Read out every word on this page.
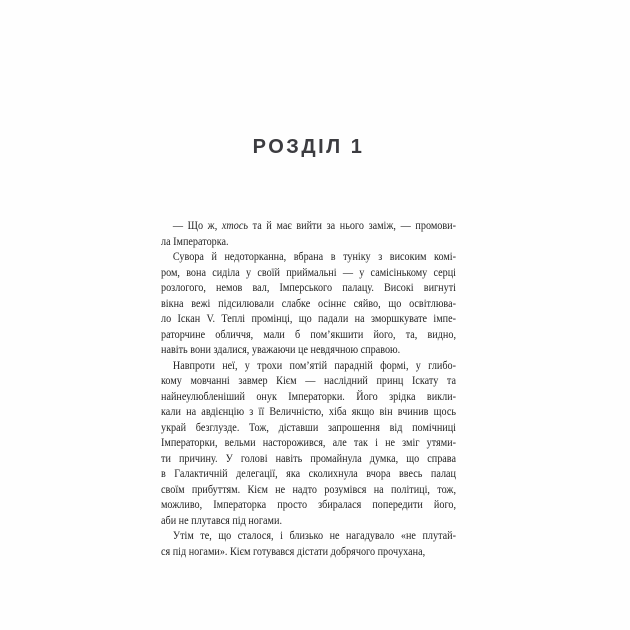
РОЗДІЛ 1
— Що ж, хтось та й має вийти за нього заміж, — промови-
ла Імператорка.
Сувора й недоторканна, вбрана в туніку з високим комі-
ром, вона сиділа у своїй приймальні — у самісінькому серці
розлогого, немов вал, Імперського палацу. Високі вигнуті
вікна вежі підсилювали слабке осіннє сяйво, що освітлюва-
ло Іскан V. Теплі промінці, що падали на зморшкувате імпе-
раторчине обличчя, мали б пом’якшити його, та, видно,
навіть вони здалися, уважаючи це невдячною справою.
Навпроти неї, у трохи пом’ятій парадній формі, у глибо-
кому мовчанні завмер Кієм — наслідний принц Іскату та
найнеулюбленіший онук Імператорки. Його зрідка викли-
кали на авдієнцію з її Величністю, хіба якщо він вчинив щось
украй безглузде. Тож, діставши запрошення від помічниці
Імператорки, вельми насторожився, але так і не зміг утями-
ти причину. У голові навіть промайнула думка, що справа
в Галактичній делегації, яка сколихнула вчора ввесь палац
своїм прибуттям. Кієм не надто розумівся на політиці, тож,
можливо, Імператорка просто збиралася попередити його,
аби не плутався під ногами.
Утім те, що сталося, і близько не нагадувало «не плутай-
ся під ногами». Кієм готувався дістати добрячого прочухана,
